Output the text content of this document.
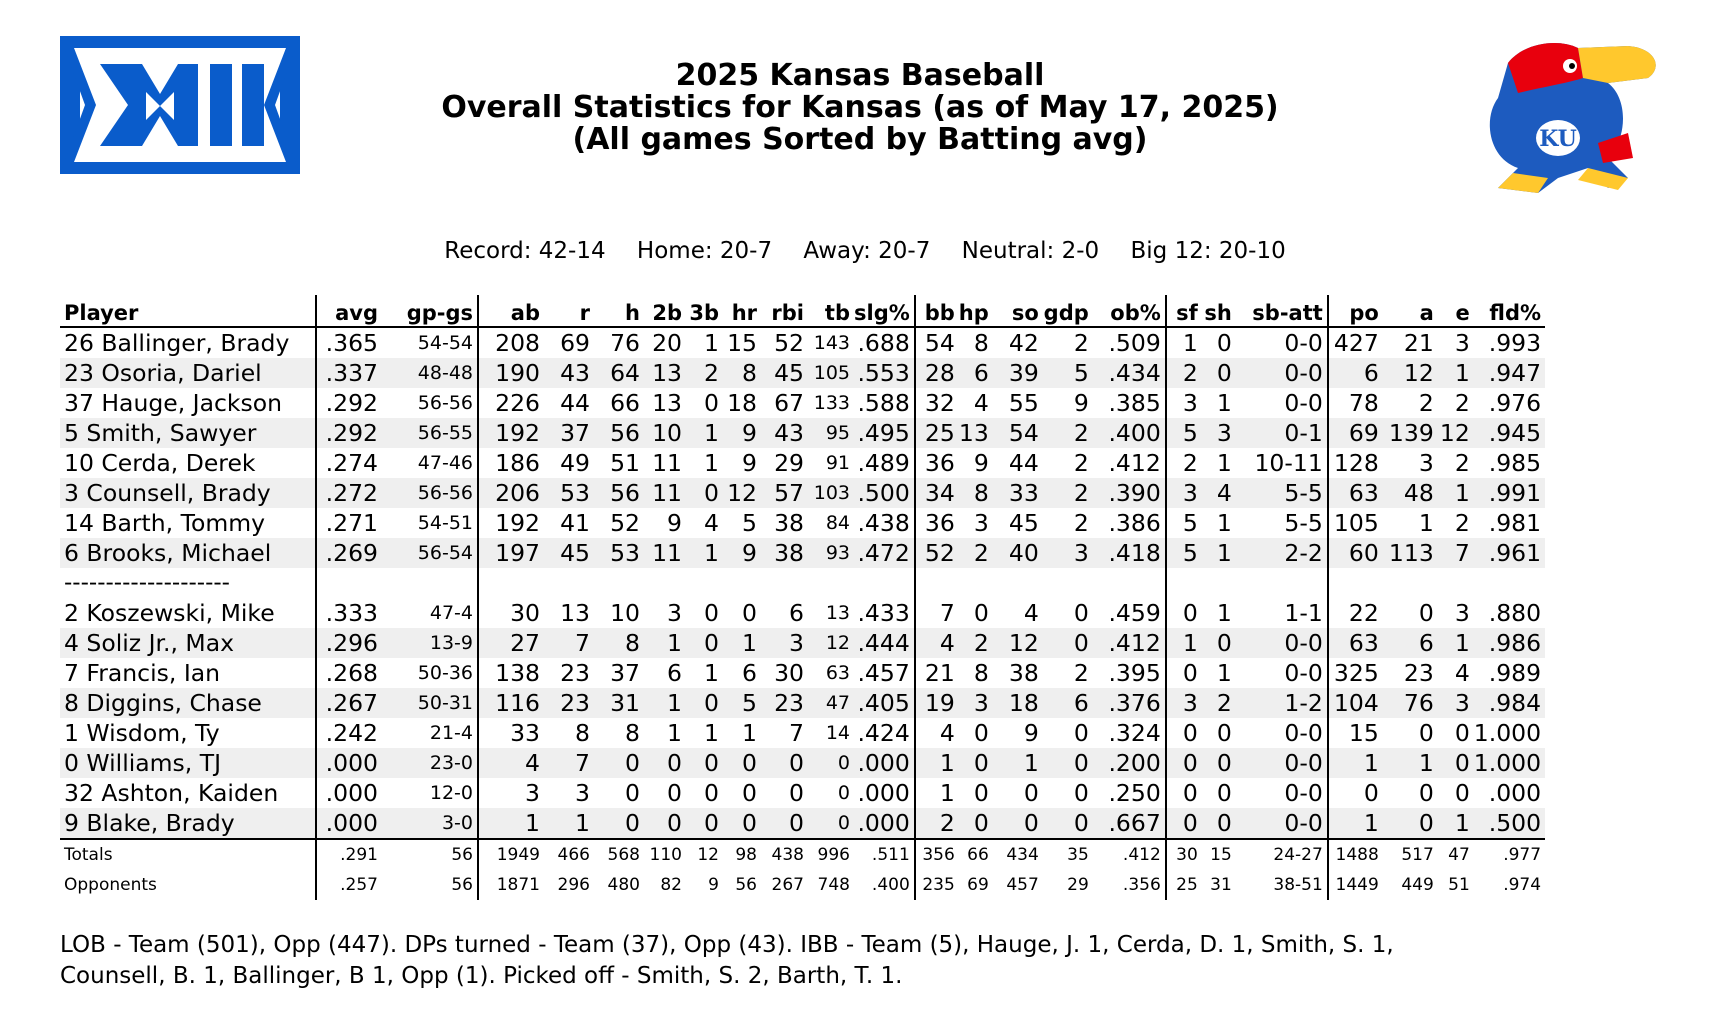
KU
2025 Kansas Baseball
Overall Statistics for Kansas (as of May 17, 2025)
(All games Sorted by Batting avg)
Record: 42-14 Home: 20-7 Away: 20-7 Neutral: 2-0 Big 12: 20-10
Player	avg	gp-gs	ab	r	h	2b	3b	hr	rbi	tb	slg%	bb	hp	so	gdp	ob%	sf	sh	sb-att	po	a	e	fld%
26 Ballinger, Brady	.365	54-54	208	69	76	20	1	15	52	143	.688	54	8	42	2	.509	1	0	0-0	427	21	3	.993
23 Osoria, Dariel	.337	48-48	190	43	64	13	2	8	45	105	.553	28	6	39	5	.434	2	0	0-0	6	12	1	.947
37 Hauge, Jackson	.292	56-56	226	44	66	13	0	18	67	133	.588	32	4	55	9	.385	3	1	0-0	78	2	2	.976
5 Smith, Sawyer	.292	56-55	192	37	56	10	1	9	43	95	.495	25	13	54	2	.400	5	3	0-1	69	139	12	.945
10 Cerda, Derek	.274	47-46	186	49	51	11	1	9	29	91	.489	36	9	44	2	.412	2	1	10-11	128	3	2	.985
3 Counsell, Brady	.272	56-56	206	53	56	11	0	12	57	103	.500	34	8	33	2	.390	3	4	5-5	63	48	1	.991
14 Barth, Tommy	.271	54-51	192	41	52	9	4	5	38	84	.438	36	3	45	2	.386	5	1	5-5	105	1	2	.981
6 Brooks, Michael	.269	56-54	197	45	53	11	1	9	38	93	.472	52	2	40	3	.418	5	1	2-2	60	113	7	.961
--------------------																							
2 Koszewski, Mike	.333	47-4	30	13	10	3	0	0	6	13	.433	7	0	4	0	.459	0	1	1-1	22	0	3	.880
4 Soliz Jr., Max	.296	13-9	27	7	8	1	0	1	3	12	.444	4	2	12	0	.412	1	0	0-0	63	6	1	.986
7 Francis, Ian	.268	50-36	138	23	37	6	1	6	30	63	.457	21	8	38	2	.395	0	1	0-0	325	23	4	.989
8 Diggins, Chase	.267	50-31	116	23	31	1	0	5	23	47	.405	19	3	18	6	.376	3	2	1-2	104	76	3	.984
1 Wisdom, Ty	.242	21-4	33	8	8	1	1	1	7	14	.424	4	0	9	0	.324	0	0	0-0	15	0	0	1.000
0 Williams, TJ	.000	23-0	4	7	0	0	0	0	0	0	.000	1	0	1	0	.200	0	0	0-0	1	1	0	1.000
32 Ashton, Kaiden	.000	12-0	3	3	0	0	0	0	0	0	.000	1	0	0	0	.250	0	0	0-0	0	0	0	.000
9 Blake, Brady	.000	3-0	1	1	0	0	0	0	0	0	.000	2	0	0	0	.667	0	0	0-0	1	0	1	.500
Totals	.291	56	1949	466	568	110	12	98	438	996	.511	356	66	434	35	.412	30	15	24-27	1488	517	47	.977
Opponents	.257	56	1871	296	480	82	9	56	267	748	.400	235	69	457	29	.356	25	31	38-51	1449	449	51	.974
LOB - Team (501), Opp (447). DPs turned - Team (37), Opp (43). IBB - Team (5), Hauge, J. 1, Cerda, D. 1, Smith, S. 1,
Counsell, B. 1, Ballinger, B 1, Opp (1). Picked off - Smith, S. 2, Barth, T. 1.
